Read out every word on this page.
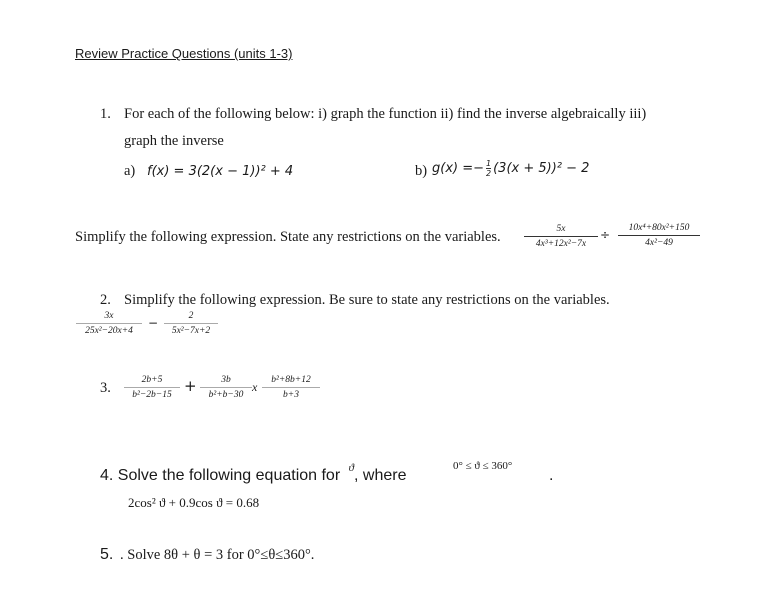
Review Practice Questions (units 1-3)
1. For each of the following below: i) graph the function ii) find the inverse algebraically iii)
graph the inverse
a) f(x) = 3(2(x − 1))² + 4	b) $g(x) =- \frac{1}{2} (3(x + 5))^2 - 2$
Simplify the following expression. State any restrictions on the variables.	5x
4x³+12x²−7x
÷	10x⁴+80x²+150
4x²−49
2. Simplify the following expression. Be sure to state any restrictions on the variables.
3x
25x²−20x+4
−	2
5x²−7x+2
3.	2b+5
b²−2b−15 +	3b
b²+b−30
x	b²+8b+12
b+3
4. Solve the following equation for $^ϑ$, where
0° ≤ ϑ ≤ 360°
.
2cos² ϑ + 0.9cos ϑ = 0.68
5. . Solve 8θ + θ = 3 for 0°≤θ≤360°.
